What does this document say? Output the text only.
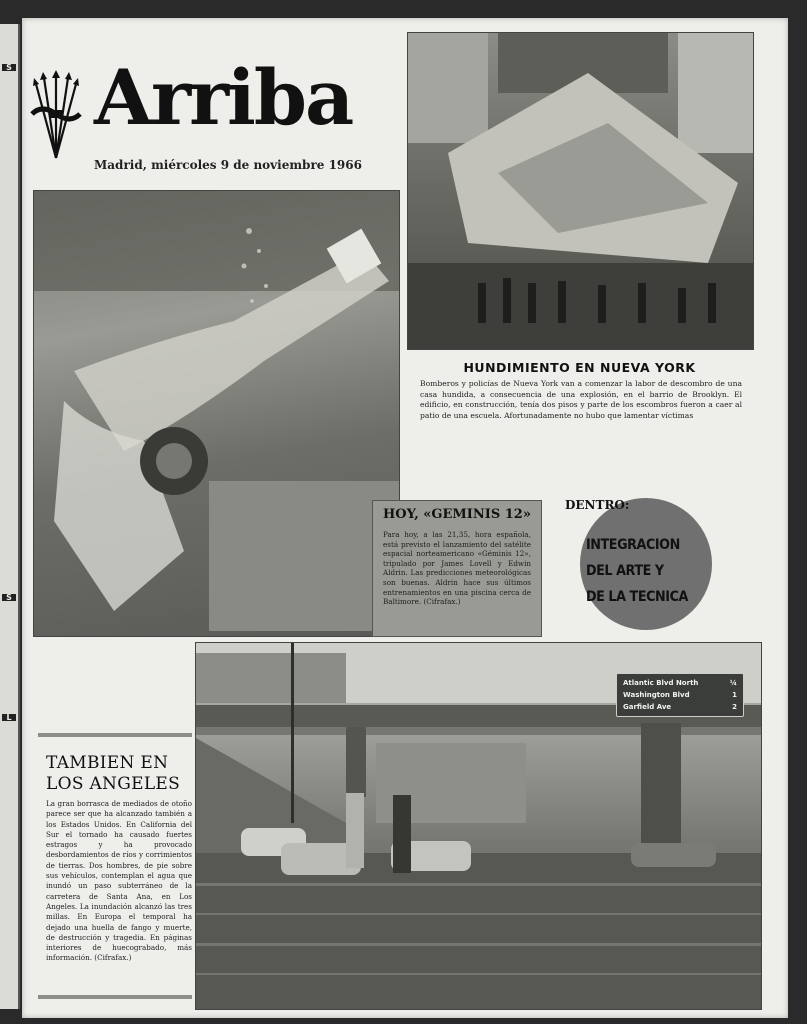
S
S
L
Arriba
Madrid, miércoles 9 de noviembre 1966
HUNDIMIENTO EN NUEVA YORK
Bomberos y policías de Nueva York van a comenzar la labor de descombro de una casa hundida, a consecuencia de una explosión, en el barrio de Brooklyn. El edificio, en construcción, tenía dos pisos y parte de los escombros fueron a caer al patio de una escuela. Afortunadamente no hubo que lamentar víctimas
HOY, «GEMINIS 12»
Para hoy, a las 21,35, hora española, está previsto el lanzamiento del satélite espacial norteamericano «Géminis 12», tripulado por James Lovell y Edwin Aldrin. Las predicciones meteorológicas son buenas. Aldrin hace sus últimos entrenamientos en una piscina cerca de Baltimore. (Cifrafax.)
DENTRO:
INTEGRACION
DEL ARTE Y
DE LA TECNICA
TAMBIEN EN
LOS ANGELES
La gran borrasca de mediados de otoño parece ser que ha alcanzado también a los Estados Unidos. En California del Sur el tornado ha causado fuertes estragos y ha provocado desbordamientos de ríos y corrimientos de tierras. Dos hombres, de pie sobre sus vehículos, contemplan el agua que inundó un paso subterráneo de la carretera de Santa Ana, en Los Angeles. La inundación alcanzó las tres millas. En Europa el temporal ha dejado una huella de fango y muerte, de destrucción y tragedia. En páginas interiores de huecograbado, más información. (Cifrafax.)
Atlantic Blvd North	¼
Washington Blvd	1
Garfield Ave	2
